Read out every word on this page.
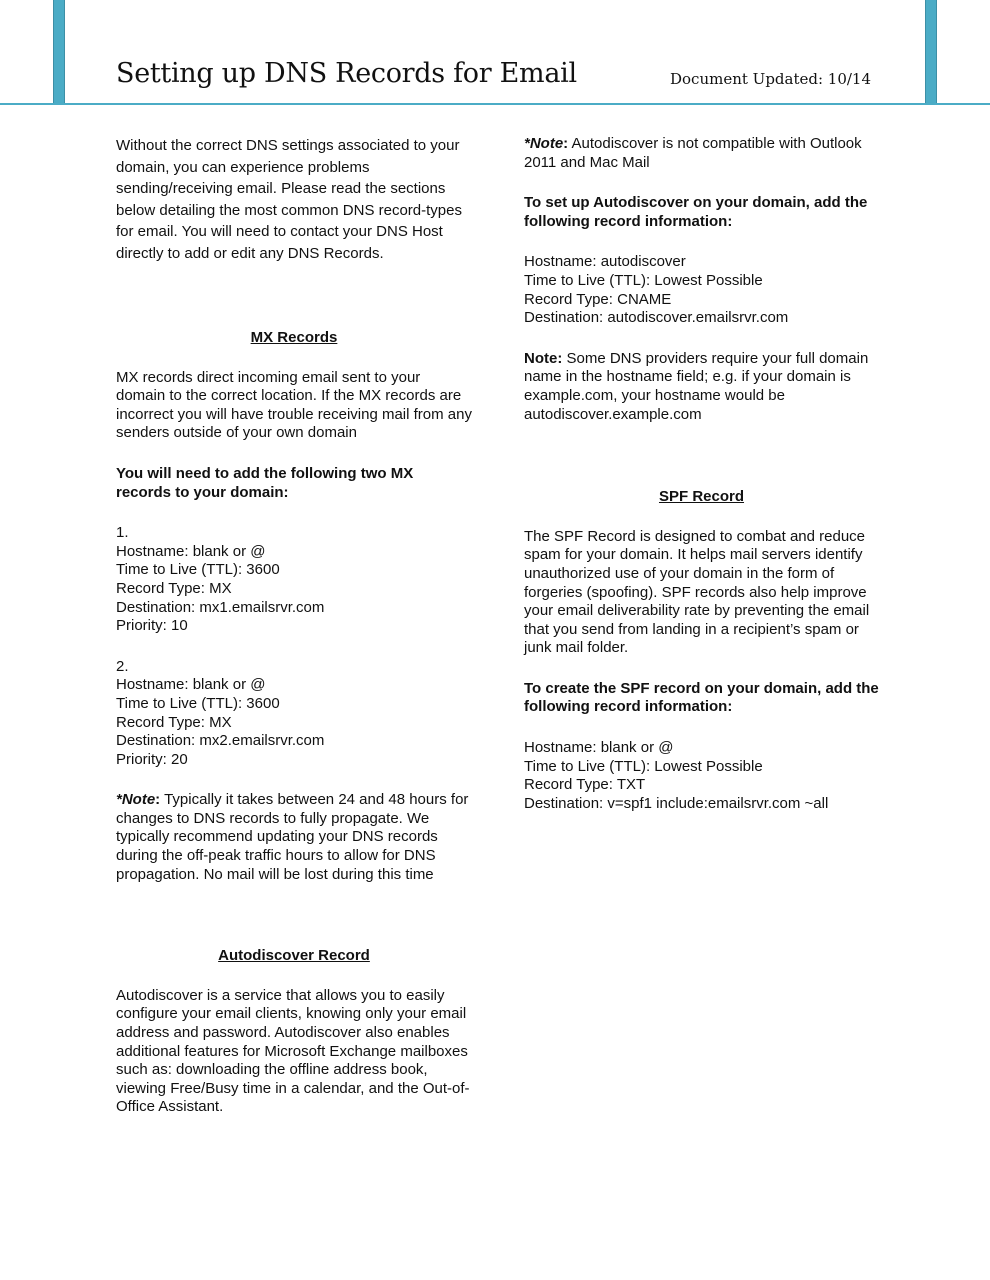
Setting up DNS Records for Email	Document Updated: 10/14

Without the correct DNS settings associated to your domain, you can experience problems sending/receiving email. Please read the sections below detailing the most common DNS record-types for email. You will need to contact your DNS Host directly to add or edit any DNS Records.

MX Records

MX records direct incoming email sent to your domain to the correct location. If the MX records are incorrect you will have trouble receiving mail from any senders outside of your own domain

You will need to add the following two MX records to your domain:

1.
Hostname: blank or @
Time to Live (TTL): 3600
Record Type: MX
Destination: mx1.emailsrvr.com
Priority: 10
2.
Hostname: blank or @
Time to Live (TTL): 3600
Record Type: MX
Destination: mx2.emailsrvr.com
Priority: 20

*Note: Typically it takes between 24 and 48 hours for changes to DNS records to fully propagate. We typically recommend updating your DNS records during the off-peak traffic hours to allow for DNS propagation. No mail will be lost during this time

Autodiscover Record

Autodiscover is a service that allows you to easily configure your email clients, knowing only your email address and password. Autodiscover also enables additional features for Microsoft Exchange mailboxes such as: downloading the offline address book, viewing Free/Busy time in a calendar, and the Out-of-Office Assistant.

*Note: Autodiscover is not compatible with Outlook 2011 and Mac Mail

To set up Autodiscover on your domain, add the following record information:

Hostname: autodiscover
Time to Live (TTL): Lowest Possible
Record Type: CNAME
Destination: autodiscover.emailsrvr.com

Note: Some DNS providers require your full domain name in the hostname field; e.g. if your domain is example.com, your hostname would be autodiscover.example.com

SPF Record

The SPF Record is designed to combat and reduce spam for your domain. It helps mail servers identify unauthorized use of your domain in the form of forgeries (spoofing). SPF records also help improve your email deliverability rate by preventing the email that you send from landing in a recipient’s spam or junk mail folder.

To create the SPF record on your domain, add the following record information:

Hostname: blank or @
Time to Live (TTL): Lowest Possible
Record Type: TXT
Destination: v=spf1 include:emailsrvr.com ~all
